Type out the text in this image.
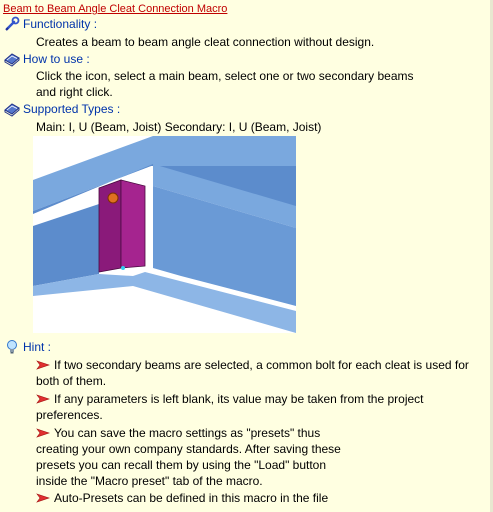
Beam to Beam Angle Cleat Connection Macro
Functionality :
Creates a beam to beam angle cleat connection without design.
How to use :
Click the icon, select a main beam, select one or two secondary beams
and right click.
Supported Types :
Main: I, U (Beam, Joist) Secondary: I, U (Beam, Joist)
Hint :
If two secondary beams are selected, a common bolt for each cleat is used for
both of them.
If any parameters is left blank, its value may be taken from the project
preferences.
You can save the macro settings as "presets" thus
creating your own company standards. After saving these
presets you can recall them by using the "Load" button
inside the "Macro preset" tab of the macro.
Auto-Presets can be defined in this macro in the file
